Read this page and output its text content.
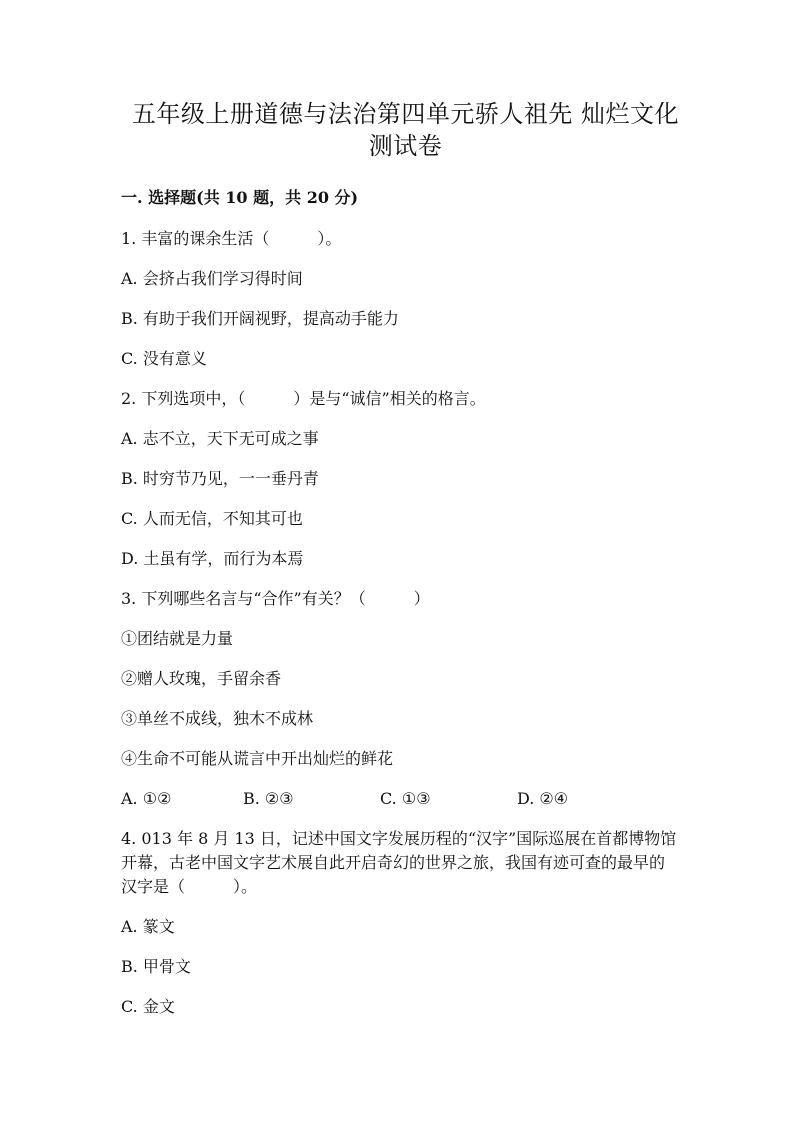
五年级上册道德与法治第四单元骄人祖先 灿烂文化
测试卷
一. 选择题(共 10 题，共 20 分)
1. 丰富的课余生活（　　　）。
A. 会挤占我们学习得时间
B. 有助于我们开阔视野，提高动手能力
C. 没有意义
2. 下列选项中，（　　　）是与“诚信”相关的格言。
A. 志不立，天下无可成之事
B. 时穷节乃见，一一垂丹青
C. 人而无信，不知其可也
D. 土虽有学，而行为本焉
3. 下列哪些名言与“合作”有关？（　　　）
①团结就是力量
②赠人玫瑰，手留余香
③单丝不成线，独木不成林
④生命不可能从谎言中开出灿烂的鲜花
A. ①②	B. ②③	C. ①③	D. ②④
4. 013 年 8 月 13 日，记述中国文字发展历程的“汉字”国际巡展在首都博物馆
开幕，古老中国文字艺术展自此开启奇幻的世界之旅，我国有迹可查的最早的
汉字是（　　　）。
A. 篆文
B. 甲骨文
C. 金文
